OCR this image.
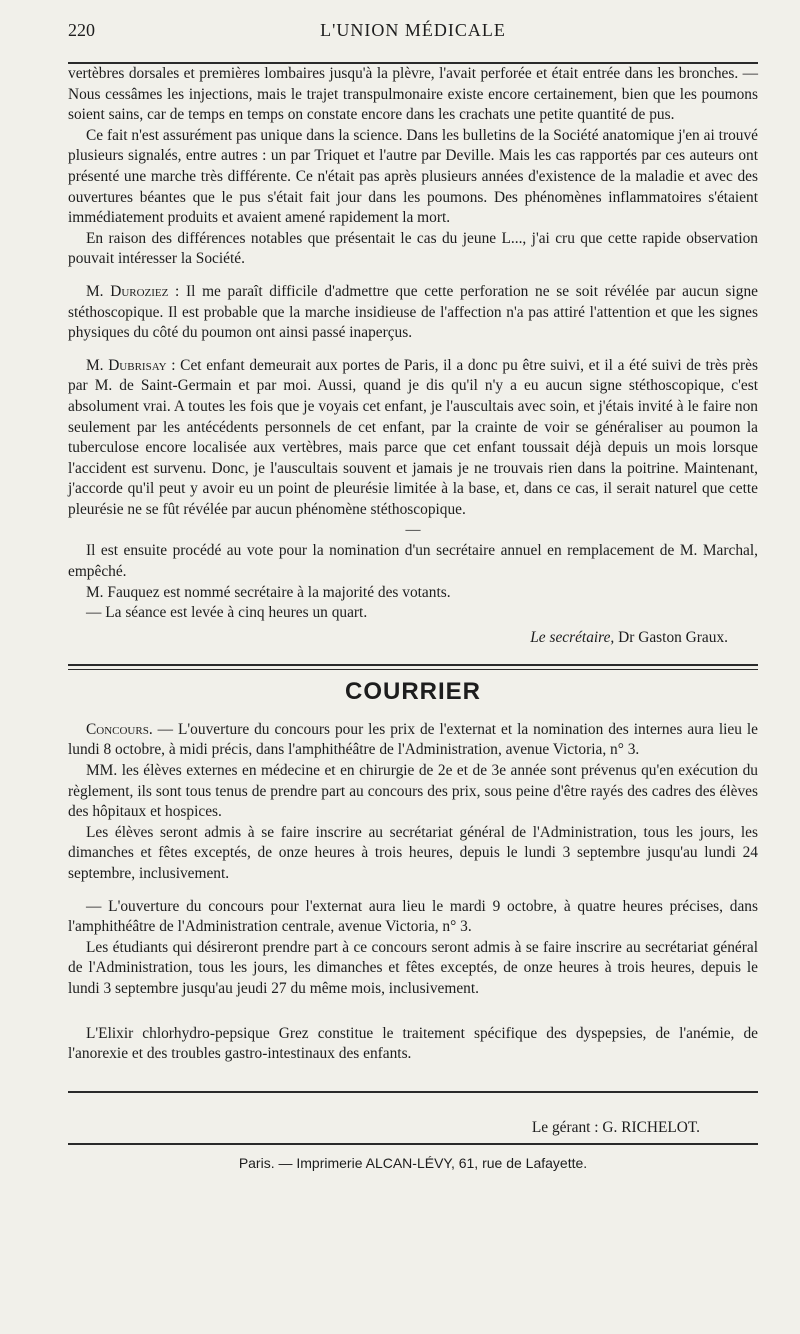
220	L'UNION MÉDICALE

vertèbres dorsales et premières lombaires jusqu'à la plèvre, l'avait perforée et était entrée dans les bronches. — Nous cessâmes les injections, mais le trajet transpulmonaire existe encore certainement, bien que les poumons soient sains, car de temps en temps on constate encore dans les crachats une petite quantité de pus.

Ce fait n'est assurément pas unique dans la science. Dans les bulletins de la Société anatomique j'en ai trouvé plusieurs signalés, entre autres : un par Triquet et l'autre par Deville. Mais les cas rapportés par ces auteurs ont présenté une marche très différente. Ce n'était pas après plusieurs années d'existence de la maladie et avec des ouvertures béantes que le pus s'était fait jour dans les poumons. Des phénomènes inflammatoires s'étaient immédiatement produits et avaient amené rapidement la mort.

En raison des différences notables que présentait le cas du jeune L..., j'ai cru que cette rapide observation pouvait intéresser la Société.

M. Duroziez : Il me paraît difficile d'admettre que cette perforation ne se soit révélée par aucun signe stéthoscopique. Il est probable que la marche insidieuse de l'affection n'a pas attiré l'attention et que les signes physiques du côté du poumon ont ainsi passé inaperçus.

M. Dubrisay : Cet enfant demeurait aux portes de Paris, il a donc pu être suivi, et il a été suivi de très près par M. de Saint-Germain et par moi. Aussi, quand je dis qu'il n'y a eu aucun signe stéthoscopique, c'est absolument vrai. A toutes les fois que je voyais cet enfant, je l'auscultais avec soin, et j'étais invité à le faire non seulement par les antécédents personnels de cet enfant, par la crainte de voir se généraliser au poumon la tuberculose encore localisée aux vertèbres, mais parce que cet enfant toussait déjà depuis un mois lorsque l'accident est survenu. Donc, je l'auscultais souvent et jamais je ne trouvais rien dans la poitrine. Maintenant, j'accorde qu'il peut y avoir eu un point de pleurésie limitée à la base, et, dans ce cas, il serait naturel que cette pleurésie ne se fût révélée par aucun phénomène stéthoscopique.

—

Il est ensuite procédé au vote pour la nomination d'un secrétaire annuel en remplacement de M. Marchal, empêché.

M. Fauquez est nommé secrétaire à la majorité des votants.

— La séance est levée à cinq heures un quart.

Le secrétaire, Dr Gaston Graux.
COURRIER

Concours. — L'ouverture du concours pour les prix de l'externat et la nomination des internes aura lieu le lundi 8 octobre, à midi précis, dans l'amphithéâtre de l'Administration, avenue Victoria, n° 3.

MM. les élèves externes en médecine et en chirurgie de 2e et de 3e année sont prévenus qu'en exécution du règlement, ils sont tous tenus de prendre part au concours des prix, sous peine d'être rayés des cadres des élèves des hôpitaux et hospices.

Les élèves seront admis à se faire inscrire au secrétariat général de l'Administration, tous les jours, les dimanches et fêtes exceptés, de onze heures à trois heures, depuis le lundi 3 septembre jusqu'au lundi 24 septembre, inclusivement.

— L'ouverture du concours pour l'externat aura lieu le mardi 9 octobre, à quatre heures précises, dans l'amphithéâtre de l'Administration centrale, avenue Victoria, n° 3.

Les étudiants qui désireront prendre part à ce concours seront admis à se faire inscrire au secrétariat général de l'Administration, tous les jours, les dimanches et fêtes exceptés, de onze heures à trois heures, depuis le lundi 3 septembre jusqu'au jeudi 27 du même mois, inclusivement.

L'Elixir chlorhydro-pepsique Grez constitue le traitement spécifique des dyspepsies, de l'anémie, de l'anorexie et des troubles gastro-intestinaux des enfants.

Le gérant : G. RICHELOT.
Paris. — Imprimerie ALCAN-LÉVY, 61, rue de Lafayette.
